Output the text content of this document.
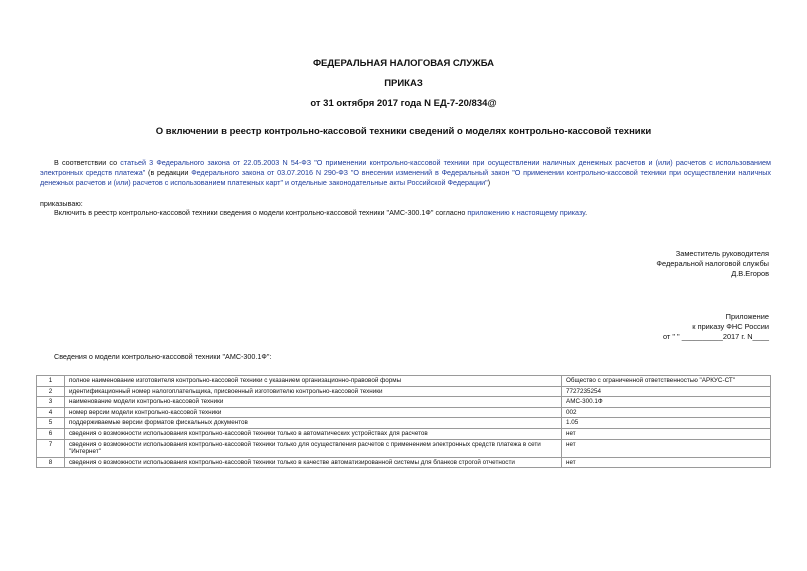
ФЕДЕРАЛЬНАЯ НАЛОГОВАЯ СЛУЖБА
ПРИКАЗ
от 31 октября 2017 года N ЕД-7-20/834@
О включении в реестр контрольно-кассовой техники сведений о моделях контрольно-кассовой техники
В соответствии со статьей 3 Федерального закона от 22.05.2003 N 54-ФЗ "О применении контрольно-кассовой техники при осуществлении наличных денежных расчетов и (или) расчетов с использованием электронных средств платежа" (в редакции Федерального закона от 03.07.2016 N 290-ФЗ "О внесении изменений в Федеральный закон "О применении контрольно-кассовой техники при осуществлении наличных денежных расчетов и (или) расчетов с использованием платежных карт" и отдельные законодательные акты Российской Федерации")
приказываю:
Включить в реестр контрольно-кассовой техники сведения о модели контрольно-кассовой техники "АМС-300.1Ф" согласно приложению к настоящему приказу.
Заместитель руководителя
Федеральной налоговой службы
Д.В.Егоров
Приложение
к приказу ФНС России
от " " __________2017 г. N____
Сведения о модели контрольно-кассовой техники "АМС-300.1Ф":
1	полное наименование изготовителя контрольно-кассовой техники с указанием организационно-правовой формы	Общество с ограниченной ответственностью "АРКУС-СТ"
2	идентификационный номер налогоплательщика, присвоенный изготовителю контрольно-кассовой техники	7727235254
3	наименование модели контрольно-кассовой техники	АМС-300.1Ф
4	номер версии модели контрольно-кассовой техники	002
5	поддерживаемые версии форматов фискальных документов	1.05
6	сведения о возможности использования контрольно-кассовой техники только в автоматических устройствах для расчетов	нет
7	сведения о возможности использования контрольно-кассовой техники только для осуществления расчетов с применением электронных средств платежа в сети "Интернет"	нет
8	сведения о возможности использования контрольно-кассовой техники только в качестве автоматизированной системы для бланков строгой отчетности	нет
